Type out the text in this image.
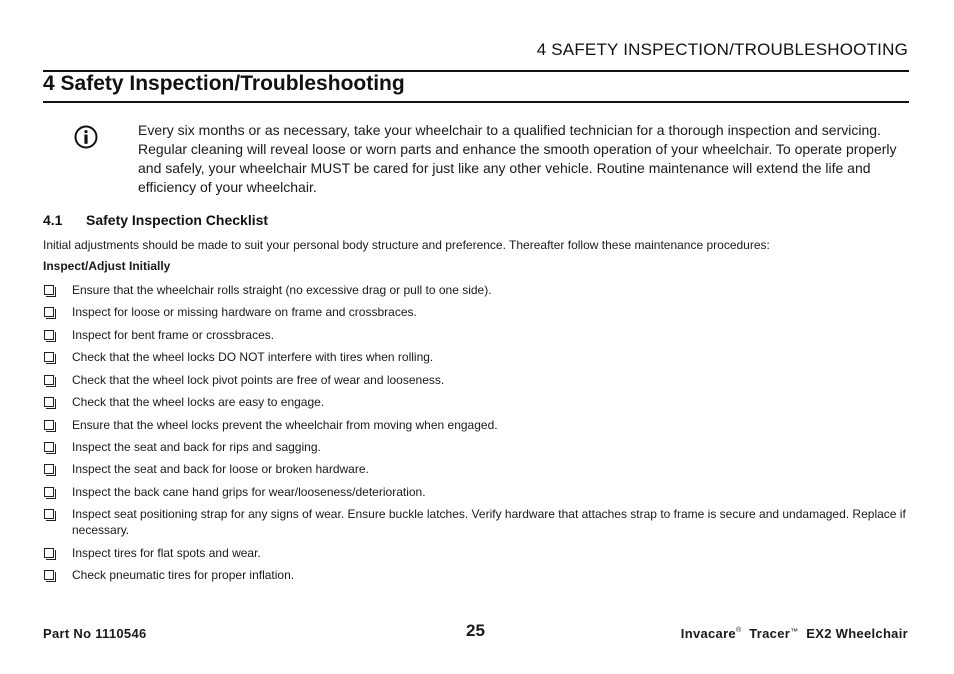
4 SAFETY INSPECTION/TROUBLESHOOTING
4 Safety Inspection/Troubleshooting

Every six months or as necessary, take your wheelchair to a qualified technician for a thorough inspection and servicing. Regular cleaning will reveal loose or worn parts and enhance the smooth operation of your wheelchair. To operate properly and safely, your wheelchair MUST be cared for just like any other vehicle. Routine maintenance will extend the life and efficiency of your wheelchair.

4.1 Safety Inspection Checklist

Initial adjustments should be made to suit your personal body structure and preference. Thereafter follow these maintenance procedures:

Inspect/Adjust Initially
Ensure that the wheelchair rolls straight (no excessive drag or pull to one side).
Inspect for loose or missing hardware on frame and crossbraces.
Inspect for bent frame or crossbraces.
Check that the wheel locks DO NOT interfere with tires when rolling.
Check that the wheel lock pivot points are free of wear and looseness.
Check that the wheel locks are easy to engage.
Ensure that the wheel locks prevent the wheelchair from moving when engaged.
Inspect the seat and back for rips and sagging.
Inspect the seat and back for loose or broken hardware.
Inspect the back cane hand grips for wear/looseness/deterioration.
Inspect seat positioning strap for any signs of wear. Ensure buckle latches. Verify hardware that attaches strap to frame is secure and undamaged. Replace if necessary.
Inspect tires for flat spots and wear.
Check pneumatic tires for proper inflation.
Part No 1110546	25	Invacare® Tracer™ EX2 Wheelchair
